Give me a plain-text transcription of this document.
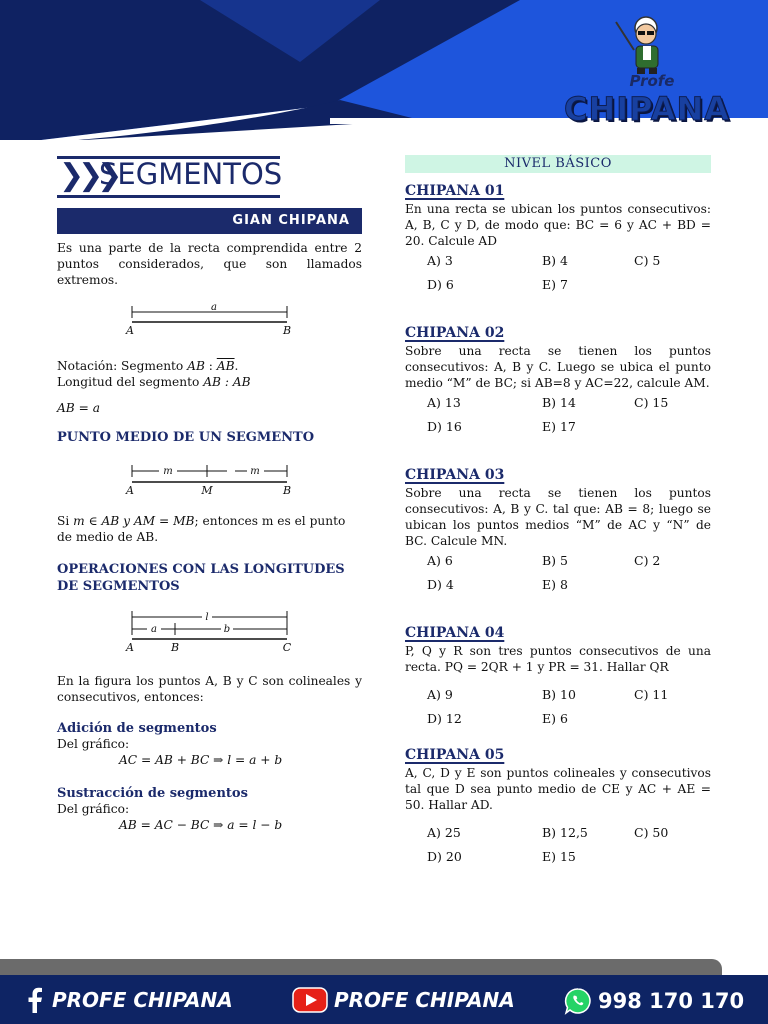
Profe
CHIPANA
❯❯❯
SEGMENTOS
GIAN CHIPANA

Es una parte de la recta comprendida entre 2 puntos considerados, que son llamados extremos.

a
A	B

Notación: Segmento AB : $\overline{AB}$.

Longitud del segmento AB : AB

AB = a

PUNTO MEDIO DE UN SEGMENTO
m	m
A	M	B

Si m ∈ AB y AM = MB; entonces m es el punto de medio de AB.

OPERACIONES CON LAS LONGITUDES DE SEGMENTOS
l
a	b
A	B	C

En la figura los puntos A, B y C son colineales y consecutivos, entonces:

Adición de segmentos

Del gráfico:

AC = AB + BC ⇒ l = a + b

Sustracción de segmentos

Del gráfico:

AB = AC − BC ⇒ a = l − b

NIVEL BÁSICO
CHIPANA 01

En una recta se ubican los puntos consecutivos: A, B, C y D, de modo que: BC = 6 y AC + BD = 20. Calcule AD

A) 3	B) 4	C) 5
D) 6	E) 7
CHIPANA 02

Sobre una recta se tienen los puntos consecutivos: A, B y C. Luego se ubica el punto medio “M” de BC; si AB=8 y AC=22, calcule AM.

A) 13	B) 14	C) 15
D) 16	E) 17
CHIPANA 03

Sobre una recta se tienen los puntos consecutivos: A, B y C. tal que: AB = 8; luego se ubican los puntos medios “M” de AC y “N” de BC. Calcule MN.

A) 6	B) 5	C) 2
D) 4	E) 8
CHIPANA 04

P, Q y R son tres puntos consecutivos de una recta. PQ = 2QR + 1 y PR = 31. Hallar QR

A) 9	B) 10	C) 11
D) 12	E) 6
CHIPANA 05

A, C, D y E son puntos colineales y consecutivos tal que D sea punto medio de CE y AC + AE = 50. Hallar AD.

A) 25	B) 12,5	C) 50
D) 20	E) 15
PROFE CHIPANA	PROFE CHIPANA	998 170 170
